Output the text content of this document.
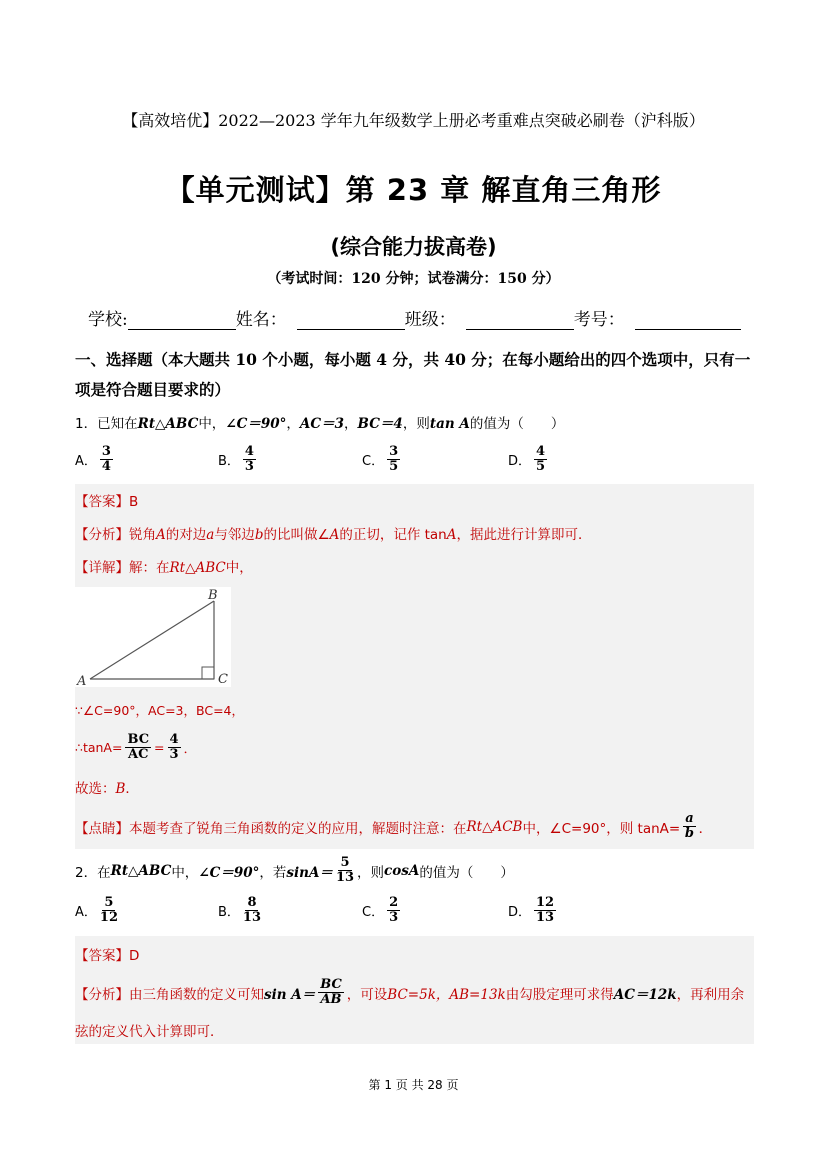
【高效培优】2022—2023 学年九年级数学上册必考重难点突破必刷卷（沪科版）
【单元测试】第 23 章 解直角三角形
(综合能力拔高卷)
（考试时间：120 分钟；试卷满分：150 分）
学校:	姓名：	班级：	考号：
一、选择题（本大题共 10 个小题，每小题 4 分，共 40 分；在每小题给出的四个选项中，只有一项是符合题目要求的）
1．已知在Rt△ABC中，∠C＝90°，AC＝3，BC＝4，则tan A的值为（　　）
A． $\frac{3}{4}$	B． $\frac{4}{3}$	C． $\frac{3}{5}$	D． $\frac{4}{5}$
【答案】B
【分析】锐角A的对边a与邻边b的比叫做∠A的正切，记作 tanA，据此进行计算即可．
【详解】解：在Rt△ABC中，
A
B
C
∵∠C=90°，AC=3，BC=4，
∴tanA= $\frac{BC}{AC} = \frac{4}{3}$ ．
故选：B．
【点睛】 本题考查了锐角三角函数的定义的应用，解题时注意：在 Rt△ACB 中，∠C=90°，则 $\tan A= \frac{a}{b}$ ．
2．在 Rt△ABC 中， ∠C＝90° ，若 $\sin A= \frac{5}{13}$ ，则 cosA 的值为（　　）
A． $\frac{5}{12}$	B． $\frac{8}{13}$	C． $\frac{2}{3}$	D． $\frac{12}{13}$
【答案】D
【分析】 由三角函数的定义可知 $\sin A= \frac{BC}{AB}$ ，可设 BC=5k，AB=13k 由勾股定理可求得 AC＝12k ，再利用余
弦的定义代入计算即可．
第 1 页 共 28 页
